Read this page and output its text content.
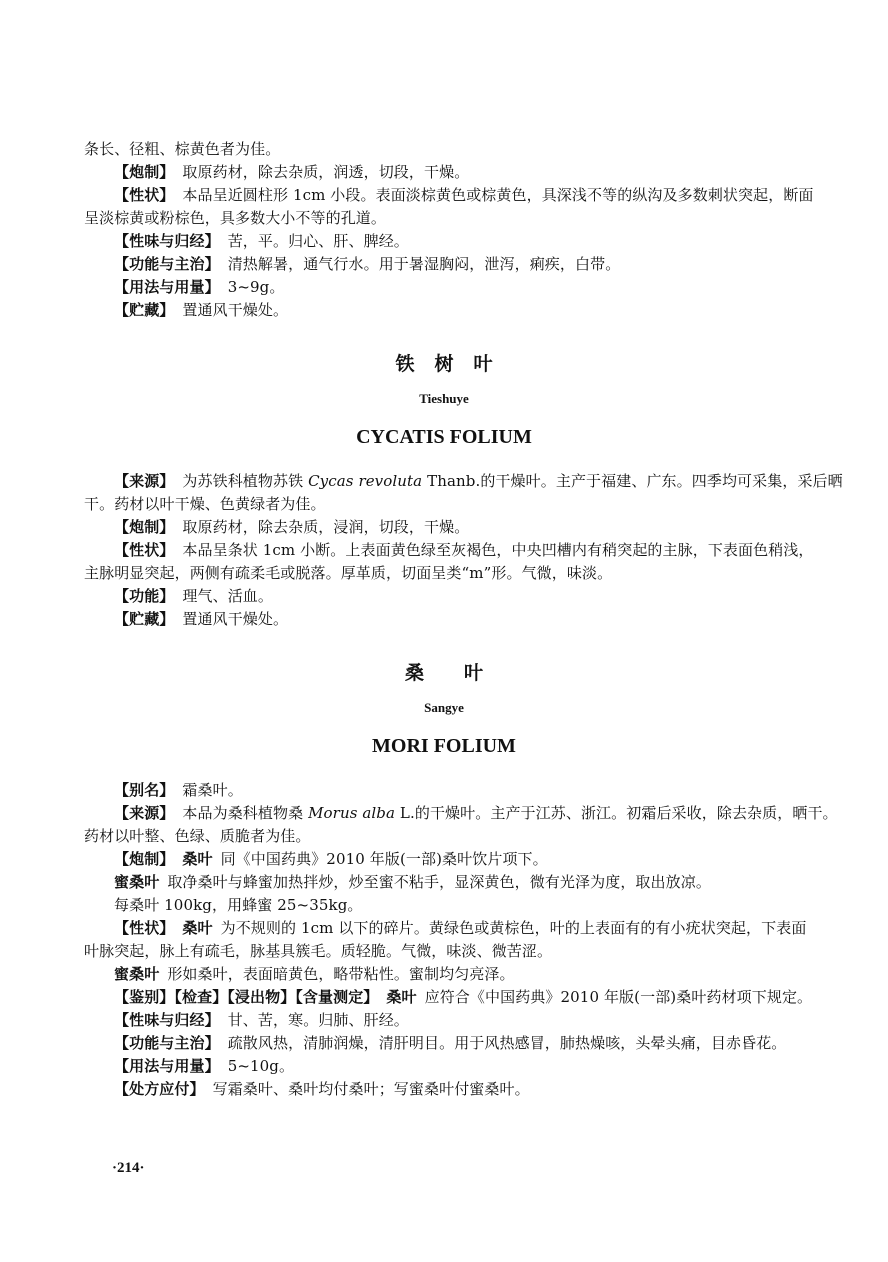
条长、径粗、棕黄色者为佳。
【炮制】 取原药材，除去杂质，润透，切段，干燥。
【性状】 本品呈近圆柱形 1cm 小段。表面淡棕黄色或棕黄色，具深浅不等的纵沟及多数刺状突起，断面
呈淡棕黄或粉棕色，具多数大小不等的孔道。
【性味与归经】 苦，平。归心、肝、脾经。
【功能与主治】 清热解暑，通气行水。用于暑湿胸闷，泄泻，痢疾，白带。
【用法与用量】 3~9g。
【贮藏】 置通风干燥处。
铁树叶
Tieshuye
CYCATIS FOLIUM
【来源】 为苏铁科植物苏铁 Cycas revoluta Thanb.的干燥叶。主产于福建、广东。四季均可采集，采后晒
干。药材以叶干燥、色黄绿者为佳。
【炮制】 取原药材，除去杂质，浸润，切段，干燥。
【性状】 本品呈条状 1cm 小断。上表面黄色绿至灰褐色，中央凹槽内有稍突起的主脉，下表面色稍浅，
主脉明显突起，两侧有疏柔毛或脱落。厚革质，切面呈类“m”形。气微，味淡。
【功能】 理气、活血。
【贮藏】 置通风干燥处。
桑叶
Sangye
MORI FOLIUM
【别名】 霜桑叶。
【来源】 本品为桑科植物桑 Morus alba L.的干燥叶。主产于江苏、浙江。初霜后采收，除去杂质，晒干。
药材以叶整、色绿、质脆者为佳。
【炮制】 桑叶 同《中国药典》2010 年版(一部)桑叶饮片项下。
蜜桑叶 取净桑叶与蜂蜜加热拌炒，炒至蜜不粘手，显深黄色，微有光泽为度，取出放凉。
每桑叶 100kg，用蜂蜜 25~35kg。
【性状】 桑叶 为不规则的 1cm 以下的碎片。黄绿色或黄棕色，叶的上表面有的有小疣状突起，下表面
叶脉突起，脉上有疏毛，脉基具簇毛。质轻脆。气微，味淡、微苦涩。
蜜桑叶 形如桑叶，表面暗黄色，略带粘性。蜜制均匀亮泽。
【鉴别】【检查】【浸出物】【含量测定】 桑叶 应符合《中国药典》2010 年版(一部)桑叶药材项下规定。
【性味与归经】 甘、苦，寒。归肺、肝经。
【功能与主治】 疏散风热，清肺润燥，清肝明目。用于风热感冒，肺热燥咳，头晕头痛，目赤昏花。
【用法与用量】 5~10g。
【处方应付】 写霜桑叶、桑叶均付桑叶；写蜜桑叶付蜜桑叶。
·214·
